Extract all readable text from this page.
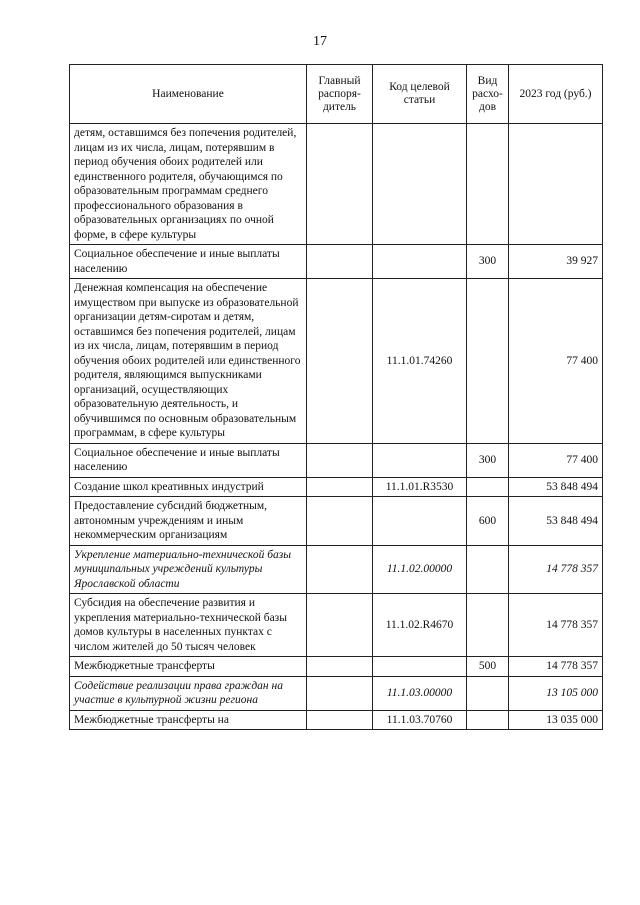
17
Наименование	Главный распоря-дитель	Код целевой статьи	Вид расхо-дов	2023 год (руб.)
детям, оставшимся без попечения родителей, лицам из их числа, лицам, потерявшим в период обучения обоих родителей или единственного родителя, обучающимся по образовательным программам среднего профессионального образования в образовательных организациях по очной форме, в сфере культуры				
Социальное обеспечение и иные выплаты населению			300	39 927
Денежная компенсация на обеспечение имуществом при выпуске из образовательной организации детям-сиротам и детям, оставшимся без попечения родителей, лицам из их числа, лицам, потерявшим в период обучения обоих родителей или единственного родителя, являющимся выпускниками организаций, осуществляющих образовательную деятельность, и обучившимся по основным образовательным программам, в сфере культуры		11.1.01.74260		77 400
Социальное обеспечение и иные выплаты населению			300	77 400
Создание школ креативных индустрий		11.1.01.R3530		53 848 494
Предоставление субсидий бюджетным, автономным учреждениям и иным некоммерческим организациям			600	53 848 494
Укрепление материально-технической базы муниципальных учреждений культуры Ярославской области		11.1.02.00000		14 778 357
Субсидия на обеспечение развития и укрепления материально-технической базы домов культуры в населенных пунктах с числом жителей до 50 тысяч человек		11.1.02.R4670		14 778 357
Межбюджетные трансферты			500	14 778 357
Содействие реализации права граждан на участие в культурной жизни региона		11.1.03.00000		13 105 000
Межбюджетные трансферты на		11.1.03.70760		13 035 000
